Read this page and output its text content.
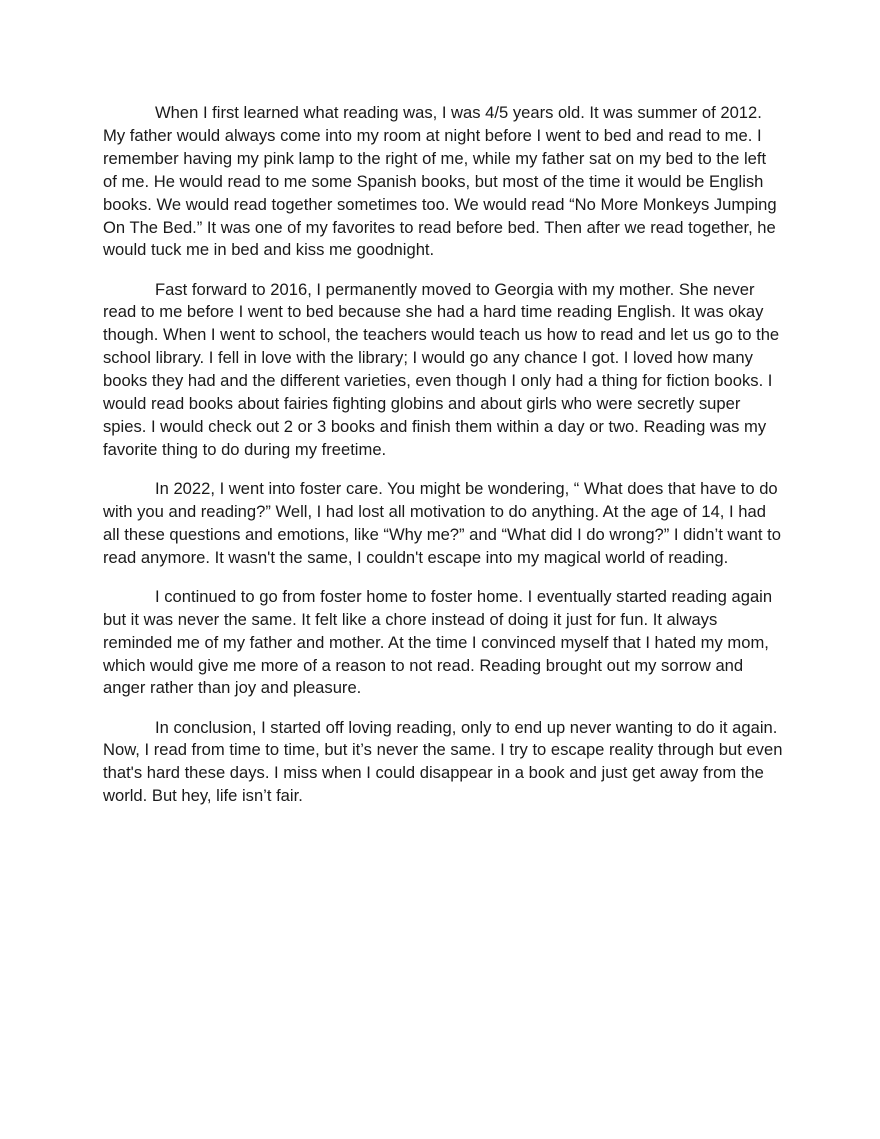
When I first learned what reading was, I was 4/5 years old. It was summer of 2012. My father would always come into my room at night before I went to bed and read to me. I remember having my pink lamp to the right of me, while my father sat on my bed to the left of me. He would read to me some Spanish books, but most of the time it would be English books. We would read together sometimes too. We would read “No More Monkeys Jumping On The Bed.” It was one of my favorites to read before bed. Then after we read together, he would tuck me in bed and kiss me goodnight.

Fast forward to 2016, I permanently moved to Georgia with my mother. She never read to me before I went to bed because she had a hard time reading English. It was okay though. When I went to school, the teachers would teach us how to read and let us go to the school library. I fell in love with the library; I would go any chance I got. I loved how many books they had and the different varieties, even though I only had a thing for fiction books. I would read books about fairies fighting globins and about girls who were secretly super spies. I would check out 2 or 3 books and finish them within a day or two. Reading was my favorite thing to do during my freetime.

In 2022, I went into foster care. You might be wondering, “ What does that have to do with you and reading?” Well, I had lost all motivation to do anything. At the age of 14, I had all these questions and emotions, like “Why me?” and “What did I do wrong?” I didn’t want to read anymore. It wasn't the same, I couldn't escape into my magical world of reading.

I continued to go from foster home to foster home. I eventually started reading again but it was never the same. It felt like a chore instead of doing it just for fun. It always reminded me of my father and mother. At the time I convinced myself that I hated my mom, which would give me more of a reason to not read. Reading brought out my sorrow and anger rather than joy and pleasure.

In conclusion, I started off loving reading, only to end up never wanting to do it again. Now, I read from time to time, but it’s never the same. I try to escape reality through but even that's hard these days. I miss when I could disappear in a book and just get away from the world. But hey, life isn’t fair.
